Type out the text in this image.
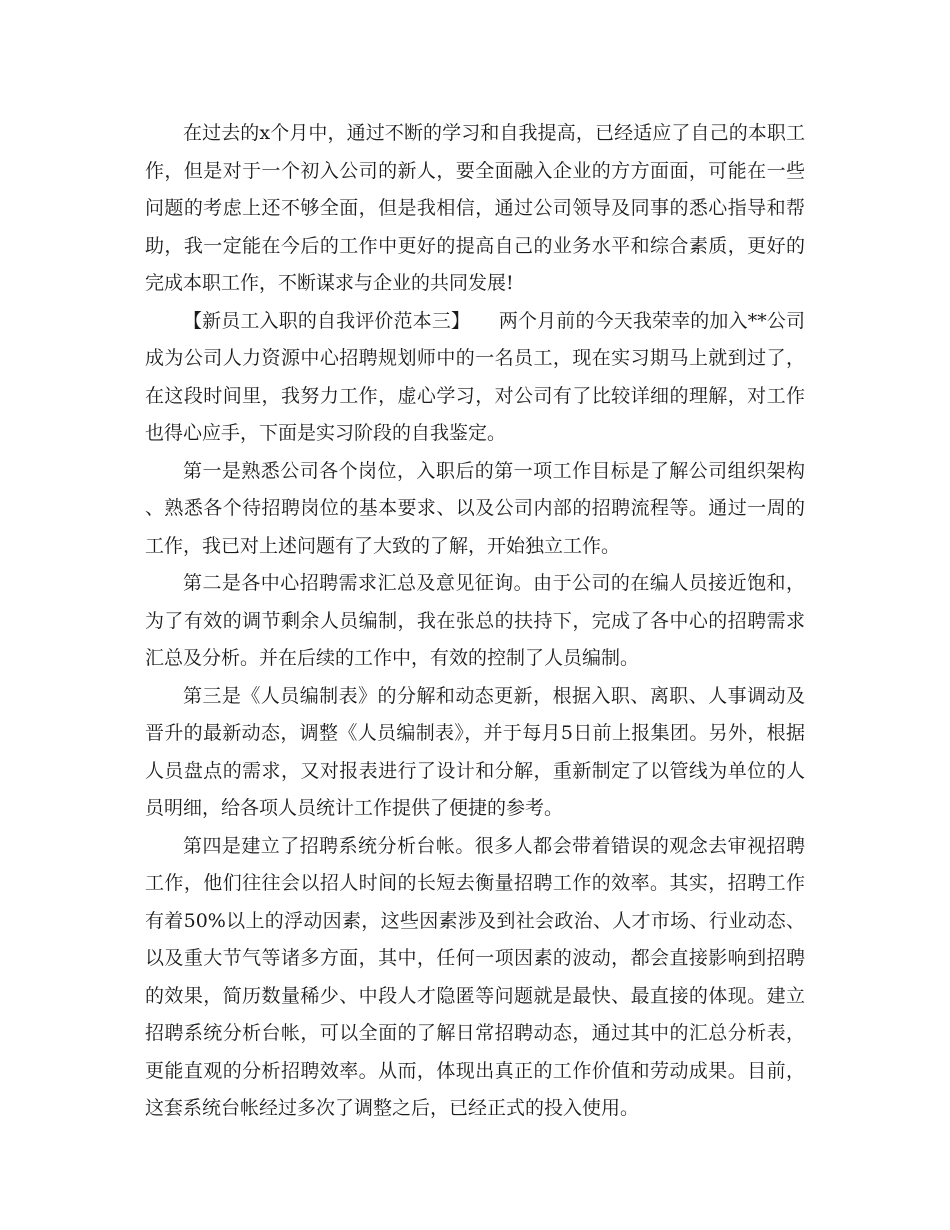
在过去的x个月中，通过不断的学习和自我提高，已经适应了自己的本职工作，但是对于一个初入公司的新人，要全面融入企业的方方面面，可能在一些问题的考虑上还不够全面，但是我相信，通过公司领导及同事的悉心指导和帮助，我一定能在今后的工作中更好的提高自己的业务水平和综合素质，更好的完成本职工作，不断谋求与企业的共同发展!

【新员工入职的自我评价范本三】　　两个月前的今天我荣幸的加入**公司成为公司人力资源中心招聘规划师中的一名员工，现在实习期马上就到过了，在这段时间里，我努力工作，虚心学习，对公司有了比较详细的理解，对工作也得心应手，下面是实习阶段的自我鉴定。

第一是熟悉公司各个岗位，入职后的第一项工作目标是了解公司组织架构、熟悉各个待招聘岗位的基本要求、以及公司内部的招聘流程等。通过一周的工作，我已对上述问题有了大致的了解，开始独立工作。

第二是各中心招聘需求汇总及意见征询。由于公司的在编人员接近饱和，为了有效的调节剩余人员编制，我在张总的扶持下，完成了各中心的招聘需求汇总及分析。并在后续的工作中，有效的控制了人员编制。

第三是《人员编制表》的分解和动态更新，根据入职、离职、人事调动及晋升的最新动态，调整《人员编制表》，并于每月5日前上报集团。另外，根据人员盘点的需求，又对报表进行了设计和分解，重新制定了以管线为单位的人员明细，给各项人员统计工作提供了便捷的参考。

第四是建立了招聘系统分析台帐。很多人都会带着错误的观念去审视招聘工作，他们往往会以招人时间的长短去衡量招聘工作的效率。其实，招聘工作有着50%以上的浮动因素，这些因素涉及到社会政治、人才市场、行业动态、以及重大节气等诸多方面，其中，任何一项因素的波动，都会直接影响到招聘的效果，简历数量稀少、中段人才隐匿等问题就是最快、最直接的体现。建立招聘系统分析台帐，可以全面的了解日常招聘动态，通过其中的汇总分析表，更能直观的分析招聘效率。从而，体现出真正的工作价值和劳动成果。目前，这套系统台帐经过多次了调整之后，已经正式的投入使用。
